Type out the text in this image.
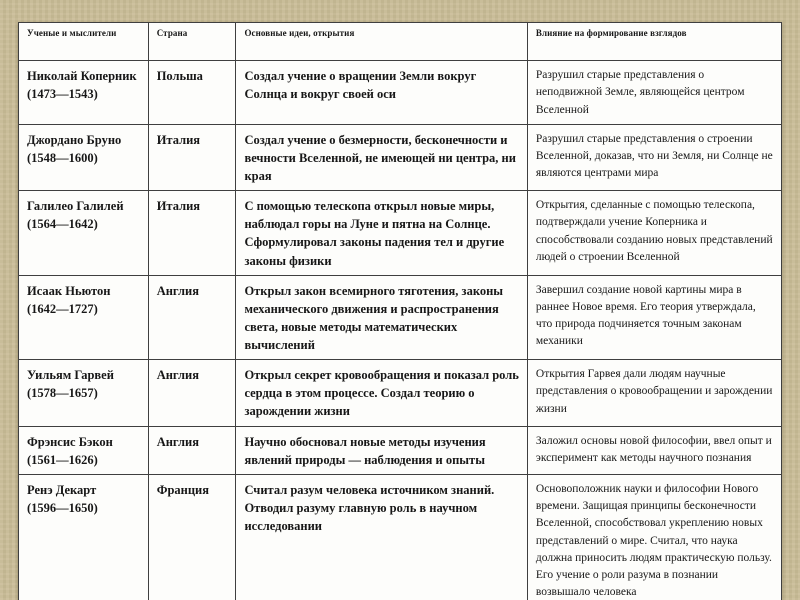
Ученые и мыслители	Страна	Основные идеи, открытия	Влияние на формирование взглядов

Николай Коперник
(1473—1543)	Польша	Создал учение о вращении Земли вокруг Солнца и вокруг своей оси	Разрушил старые представления о неподвижной Земле, являющейся центром Вселенной

Джордано Бруно
(1548—1600)	Италия	Создал учение о безмерности, бесконечности и вечности Вселенной, не имеющей ни центра, ни края	Разрушил старые представления о строении Вселенной, доказав, что ни Земля, ни Солнце не являются центрами мира

Галилео Галилей
(1564—1642)	Италия	С помощью телескопа открыл новые миры, наблюдал горы на Луне и пятна на Солнце. Сформулировал законы падения тел и другие законы физики	Открытия, сделанные с помощью телескопа, подтверждали учение Коперника и способствовали созданию новых представлений людей о строении Вселенной

Исаак Ньютон
(1642—1727)	Англия	Открыл закон всемирного тяготения, законы механического движения и распространения света, новые методы математических вычислений	Завершил создание новой картины мира в раннее Новое время. Его теория утверждала, что природа подчиняется точным законам механики

Уильям Гарвей
(1578—1657)	Англия	Открыл секрет кровообращения и показал роль сердца в этом процессе. Создал теорию о зарождении жизни	Открытия Гарвея дали людям научные представления о кровообращении и зарождении жизни

Фрэнсис Бэкон
(1561—1626)	Англия	Научно обосновал новые методы изучения явлений природы — наблюдения и опыты	Заложил основы новой философии, ввел опыт и эксперимент как методы научного познания

Ренэ Декарт
(1596—1650)	Франция	Считал разум человека источником знаний. Отводил разуму главную роль в научном исследовании	Основоположник науки и философии Нового времени. Защищая принципы бесконечности Вселенной, способствовал укреплению новых представлений о мире. Считал, что наука должна приносить людям практическую пользу. Его учение о роли разума в познании возвышало человека
